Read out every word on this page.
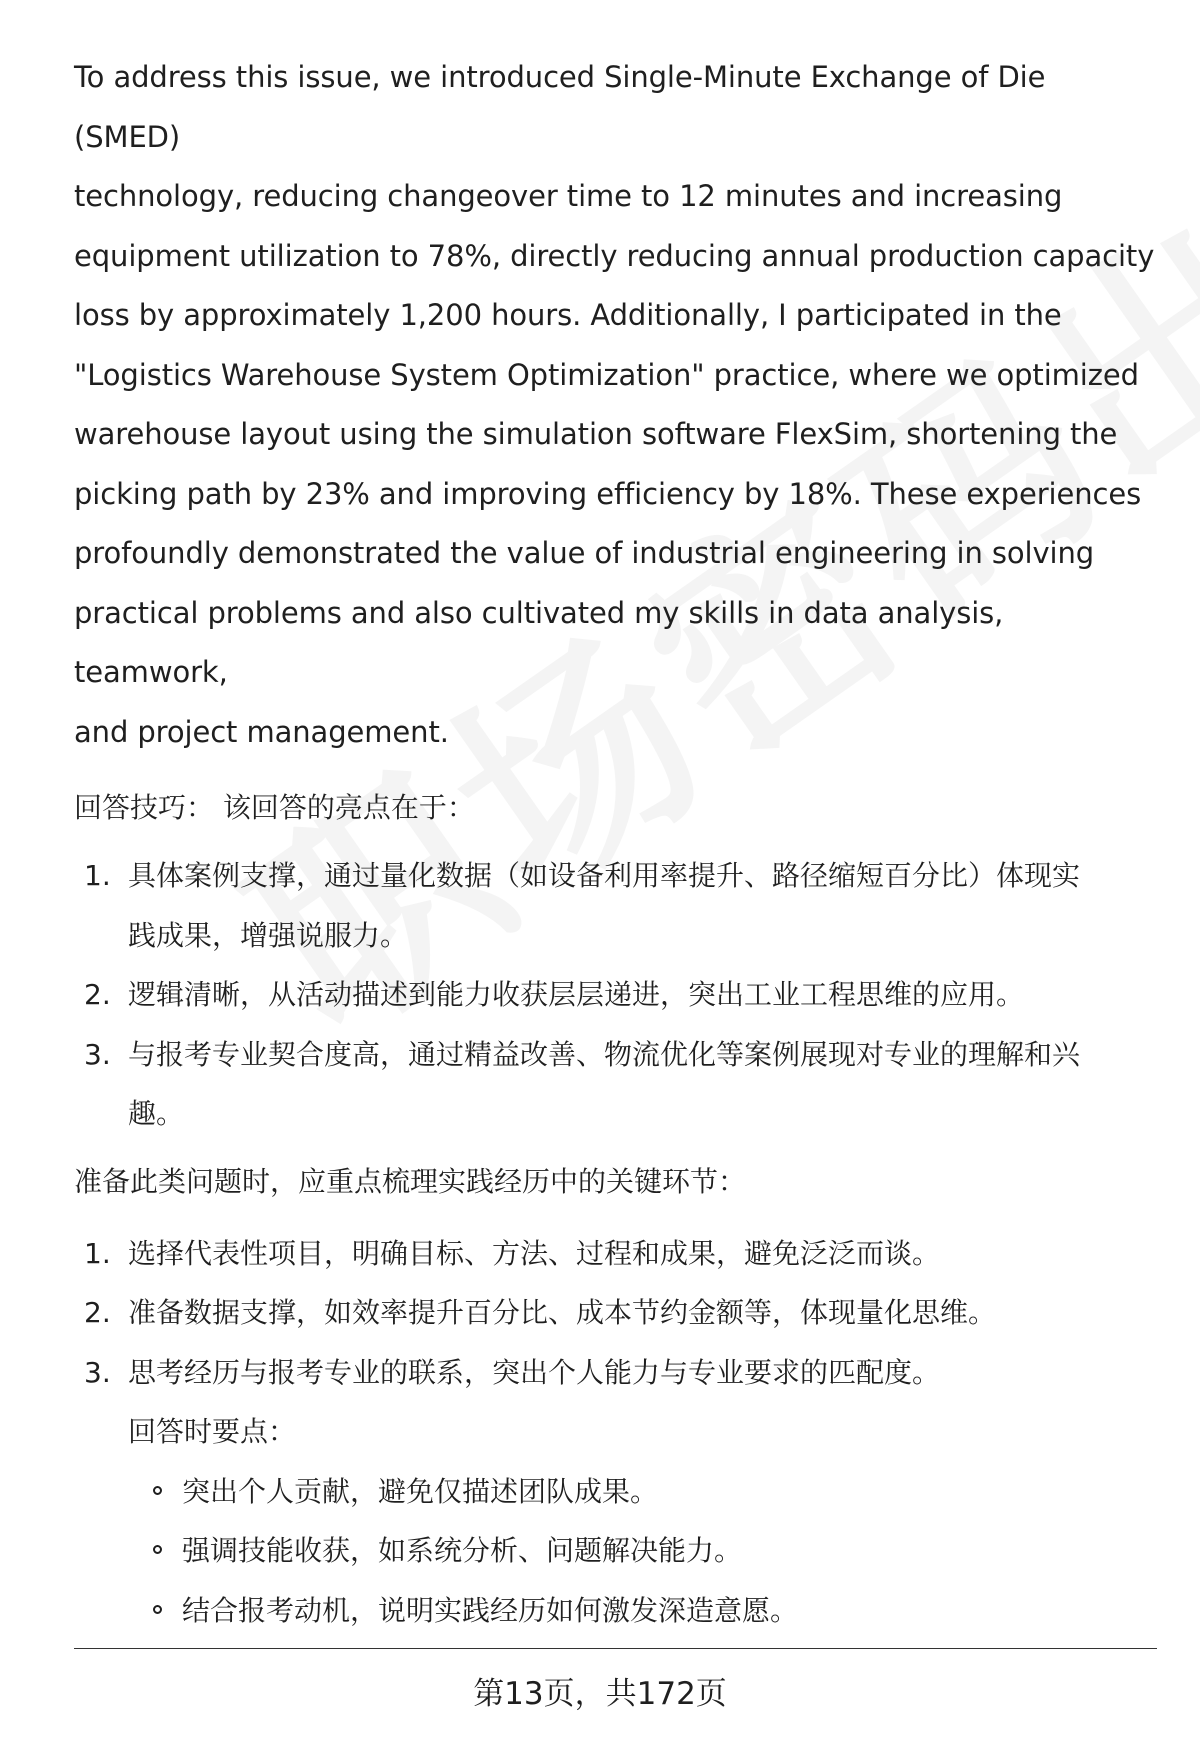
To address this issue, we introduced Single-Minute Exchange of Die (SMED)

technology, reducing changeover time to 12 minutes and increasing

equipment utilization to 78%, directly reducing annual production capacity

loss by approximately 1,200 hours. Additionally, I participated in the

"Logistics Warehouse System Optimization" practice, where we optimized

warehouse layout using the simulation software FlexSim, shortening the

picking path by 23% and improving efficiency by 18%. These experiences

profoundly demonstrated the value of industrial engineering in solving

practical problems and also cultivated my skills in data analysis, teamwork,

and project management.

回答技巧： 该回答的亮点在于：

1. 具体案例支撑，通过量化数据（如设备利用率提升、路径缩短百分比）体现实
践成果，增强说服力。
2. 逻辑清晰，从活动描述到能力收获层层递进，突出工业工程思维的应用。
3. 与报考专业契合度高，通过精益改善、物流优化等案例展现对专业的理解和兴
趣。

准备此类问题时，应重点梳理实践经历中的关键环节：

1. 选择代表性项目，明确目标、方法、过程和成果，避免泛泛而谈。
2. 准备数据支撑，如效率提升百分比、成本节约金额等，体现量化思维。
3. 思考经历与报考专业的联系，突出个人能力与专业要求的匹配度。

回答时要点：

突出个人贡献，避免仅描述团队成果。
强调技能收获，如系统分析、问题解决能力。
结合报考动机，说明实践经历如何激发深造意愿。
第13页，共172页
